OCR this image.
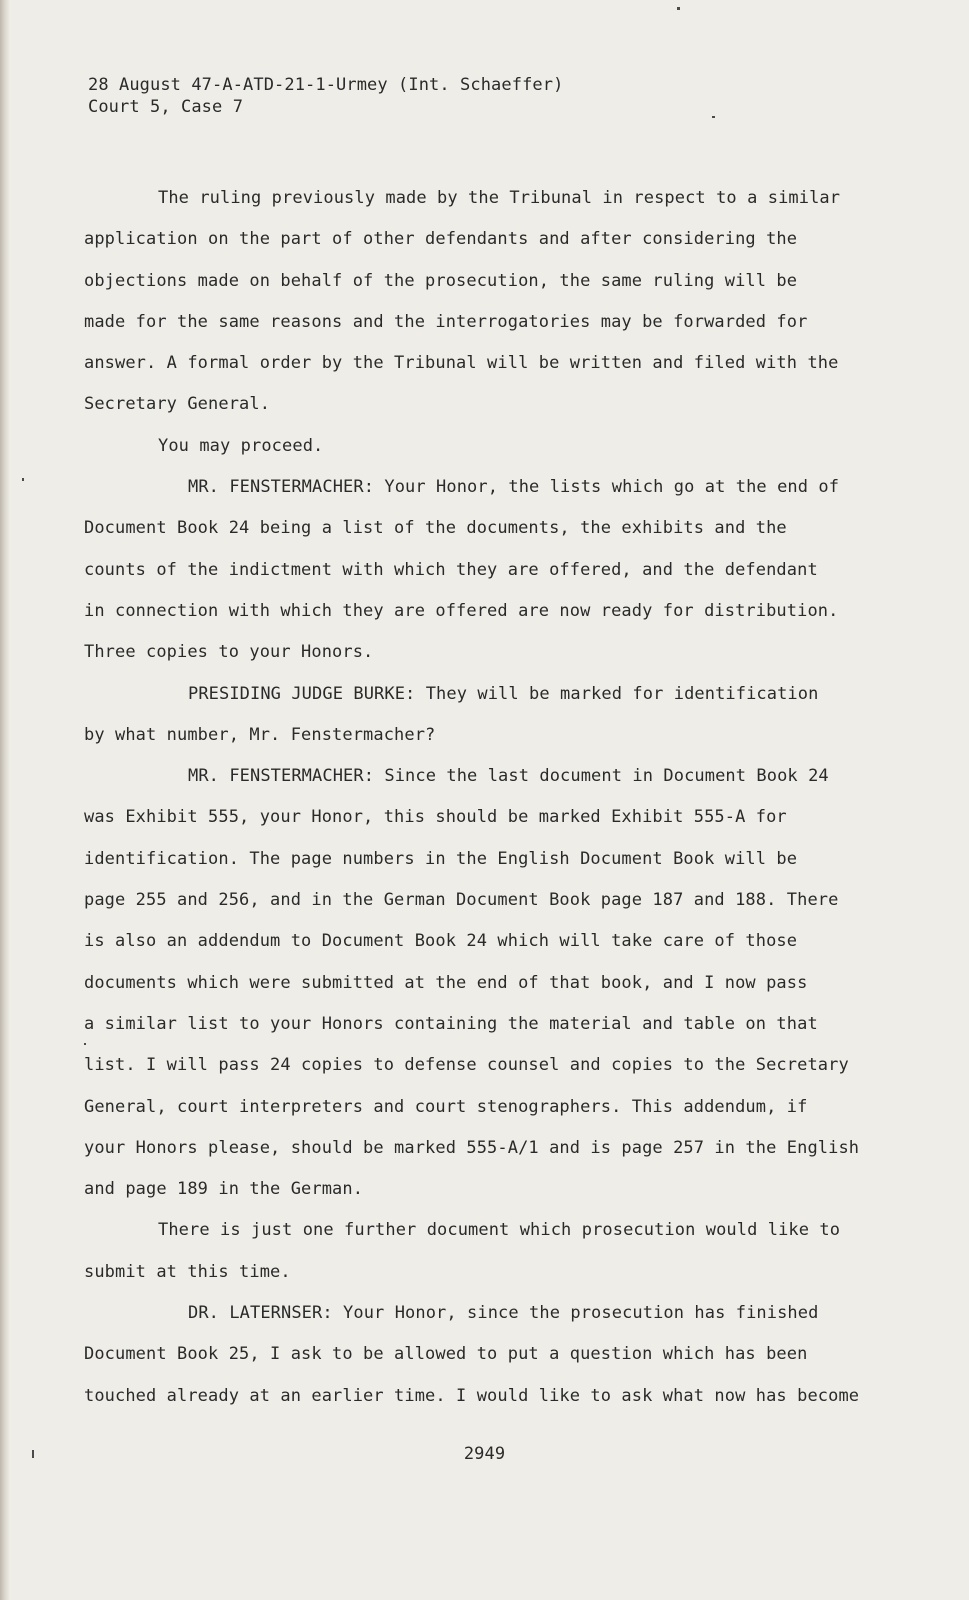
28 August 47-A-ATD-21-1-Urmey (Int. Schaeffer)
Court 5, Case 7
The ruling previously made by the Tribunal in respect to a similar
application on the part of other defendants and after considering the
objections made on behalf of the prosecution, the same ruling will be
made for the same reasons and the interrogatories may be forwarded for
answer. A formal order by the Tribunal will be written and filed with the
Secretary General.
You may proceed.
MR. FENSTERMACHER: Your Honor, the lists which go at the end of
Document Book 24 being a list of the documents, the exhibits and the
counts of the indictment with which they are offered, and the defendant
in connection with which they are offered are now ready for distribution.
Three copies to your Honors.
PRESIDING JUDGE BURKE: They will be marked for identification
by what number, Mr. Fenstermacher?
MR. FENSTERMACHER: Since the last document in Document Book 24
was Exhibit 555, your Honor, this should be marked Exhibit 555-A for
identification. The page numbers in the English Document Book will be
page 255 and 256, and in the German Document Book page 187 and 188. There
is also an addendum to Document Book 24 which will take care of those
documents which were submitted at the end of that book, and I now pass
a similar list to your Honors containing the material and table on that
list. I will pass 24 copies to defense counsel and copies to the Secretary
General, court interpreters and court stenographers. This addendum, if
your Honors please, should be marked 555-A/1 and is page 257 in the English
and page 189 in the German.
There is just one further document which prosecution would like to
submit at this time.
DR. LATERNSER: Your Honor, since the prosecution has finished
Document Book 25, I ask to be allowed to put a question which has been
touched already at an earlier time. I would like to ask what now has become
2949
